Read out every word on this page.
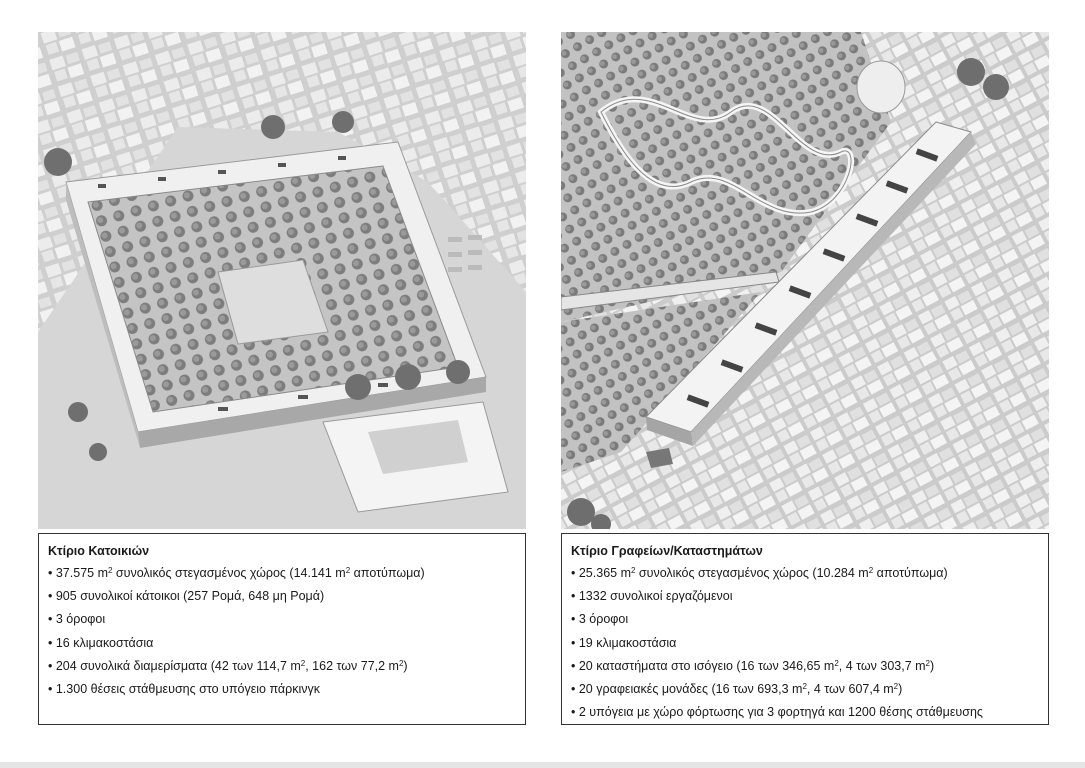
Κτίριο Κατοικιών
• 37.575 $m^2$ συνολικός στεγασμένος χώρος (14.141 $m^2$ αποτύπωμα)
• 905 συνολικοί κάτοικοι (257 Ρομά, 648 μη Ρομά)
• 3 όροφοι
• 16 κλιμακοστάσια
• 204 συνολικά διαμερίσματα (42 των 114,7 $m^2$, 162 των 77,2 $m^2$)
• 1.300 θέσεις στάθμευσης στο υπόγειο πάρκινγκ
Κτίριο Γραφείων/Καταστημάτων
• 25.365 $m^2$ συνολικός στεγασμένος χώρος (10.284 $m^2$ αποτύπωμα)
• 1332 συνολικοί εργαζόμενοι
• 3 όροφοι
• 19 κλιμακοστάσια
• 20 καταστήματα στο ισόγειο (16 των 346,65 $m^2$, 4 των 303,7 $m^2$)
• 20 γραφειακές μονάδες (16 των 693,3 $m^2$, 4 των 607,4 $m^2$)
• 2 υπόγεια με χώρο φόρτωσης για 3 φορτηγά και 1200 θέσης στάθμευσης
